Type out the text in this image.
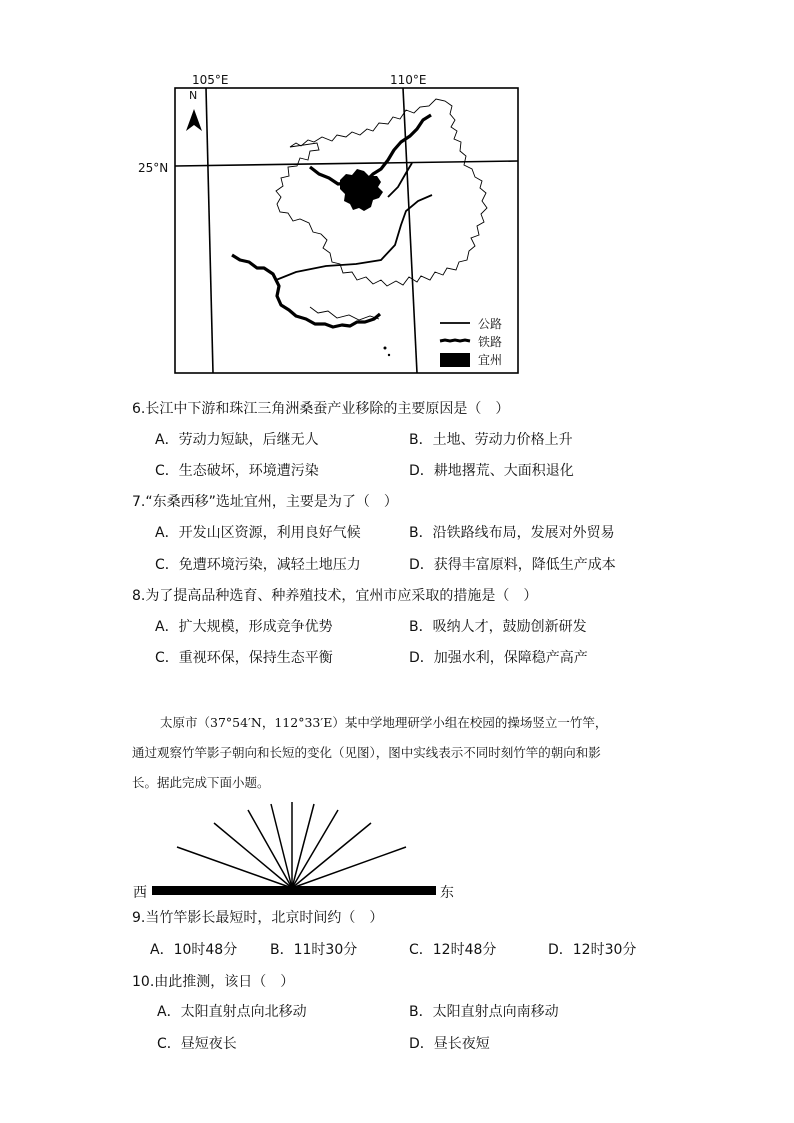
105°E	110°E
25°N
公路
铁路
宜州
6.长江中下游和珠江三角洲桑蚕产业移除的主要原因是（　）
A．劳动力短缺，后继无人	B．土地、劳动力价格上升
C．生态破坏，环境遭污染	D．耕地撂荒、大面积退化
7.“东桑西移”选址宜州，主要是为了（　）
A．开发山区资源，利用良好气候	B．沿铁路线布局，发展对外贸易
C．免遭环境污染，减轻土地压力	D．获得丰富原料，降低生产成本
8.为了提高品种选育、种养殖技术，宜州市应采取的措施是（　）
A．扩大规模，形成竞争优势	B．吸纳人才，鼓励创新研发
C．重视环保，保持生态平衡	D．加强水利，保障稳产高产
太原市（37°54′N，112°33′E）某中学地理研学小组在校园的操场竖立一竹竿，
通过观察竹竿影子朝向和长短的变化（见图），图中实线表示不同时刻竹竿的朝向和影
长。据此完成下面小题。
西	东
9.当竹竿影长最短时，北京时间约（　）
A．10时48分 B．11时30分	C．12时48分	D．12时30分
10.由此推测，该日（　）
A．太阳直射点向北移动	B．太阳直射点向南移动
C．昼短夜长	D．昼长夜短
N
